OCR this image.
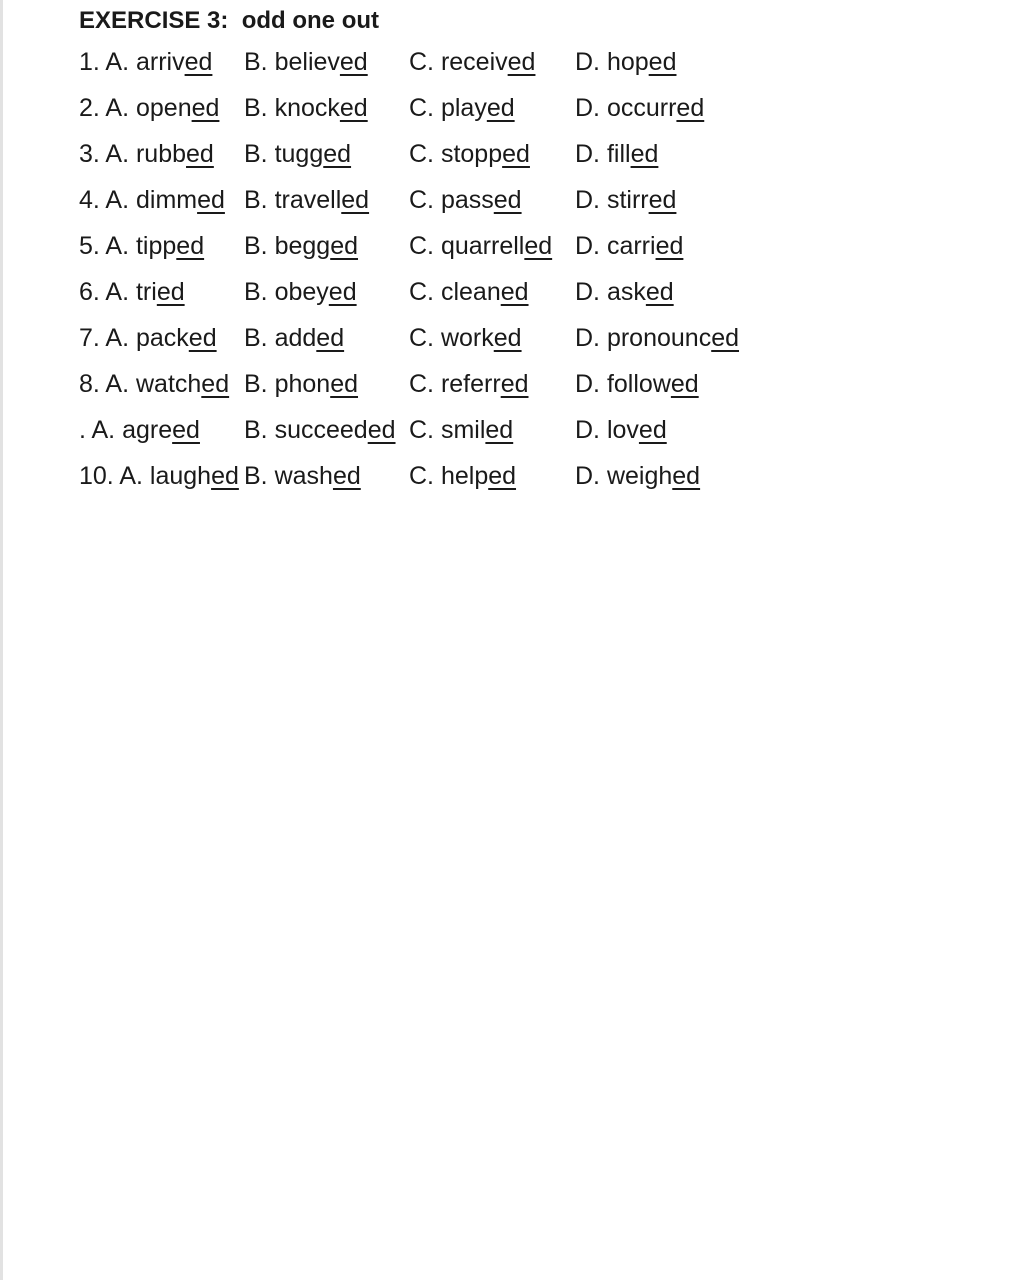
EXERCISE 3:  odd one out
1. A. arrived	B. believed	C. received	D. hoped
2. A. opened	B. knocked	C. played	D. occurred
3. A. rubbed	B. tugged	C. stopped	D. filled
4. A. dimmed	B. travelled	C. passed	D. stirred
5. A. tipped	B. begged	C. quarrelled	D. carried
6. A. tried	B. obeyed	C. cleaned	D. asked
7. A. packed	B. added	C. worked	D. pronounced
8. A. watched	B. phoned	C. referred	D. followed
. A. agreed	B. succeeded	C. smiled	D. loved
10. A. laughed	B. washed	C. helped	D. weighed
